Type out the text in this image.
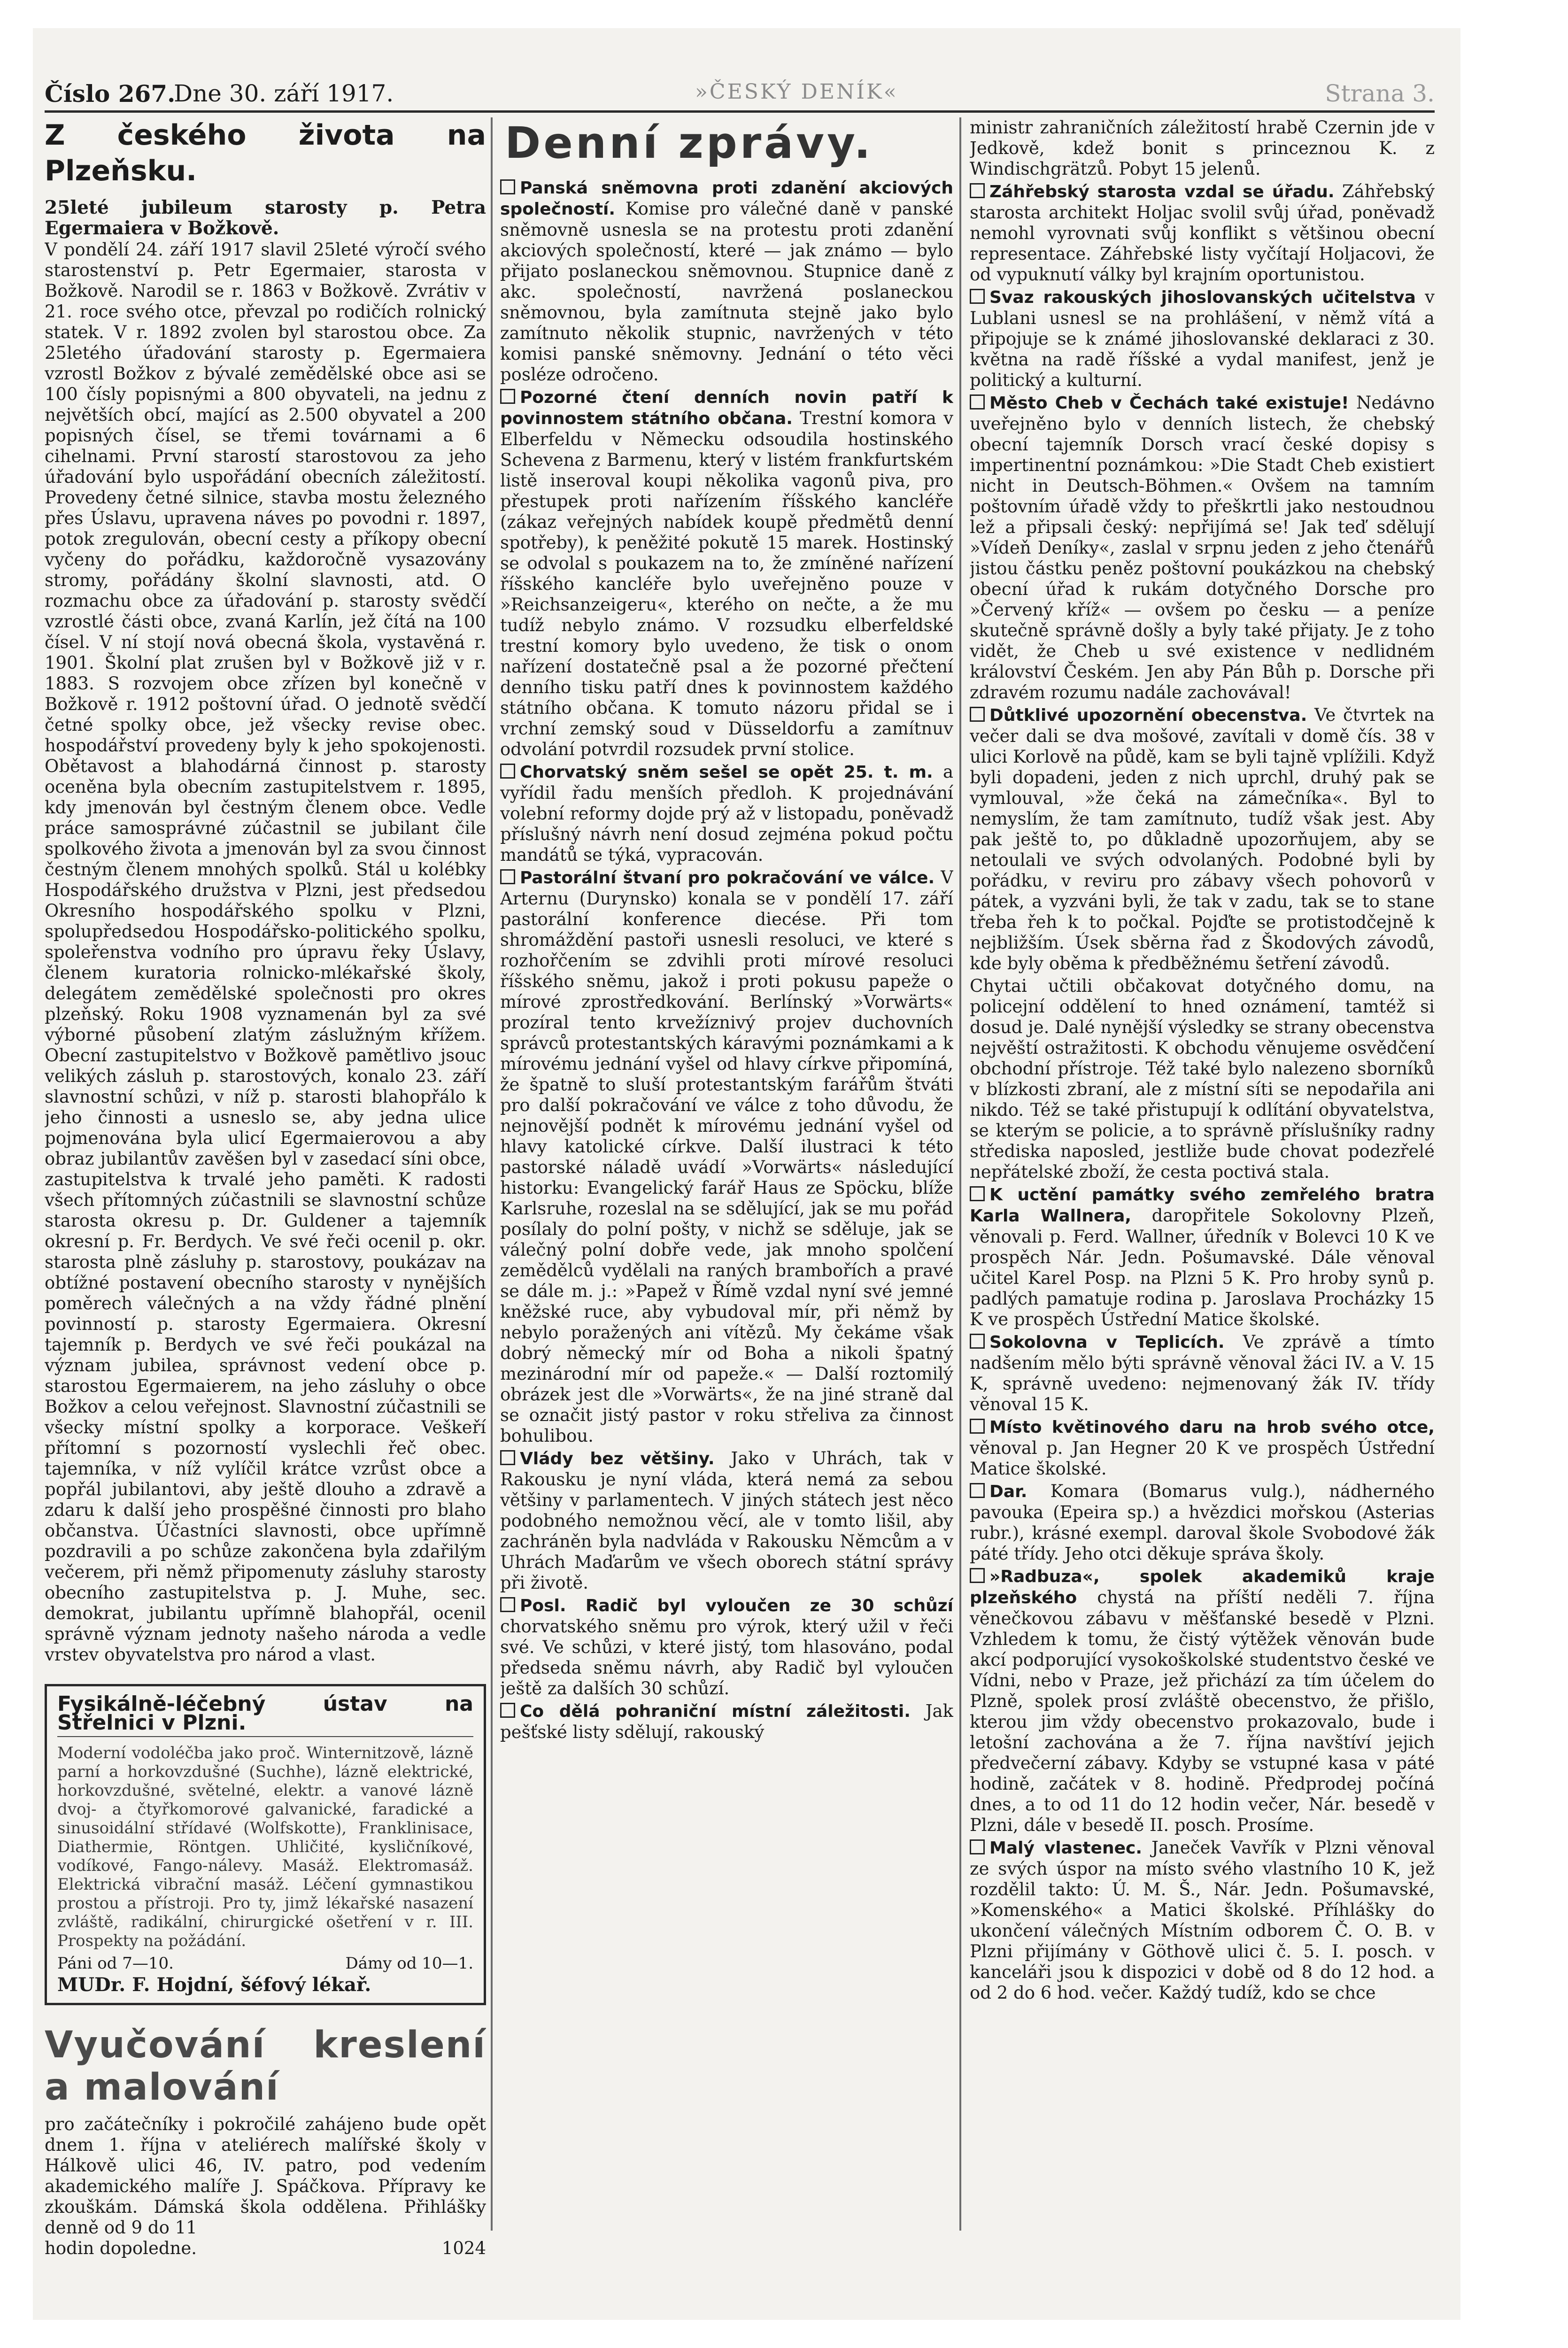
Číslo 267.
Dne 30. září 1917.	»ČESKÝ DENÍK«	Strana 3.
Z českého života na Plzeňsku.
25leté jubileum starosty p. Petra Egermaiera v Božkově.

V pondělí 24. září 1917 slavil 25leté výročí svého starostenství p. Petr Egermaier, starosta v Božkově. Narodil se r. 1863 v Božkově. Zvrátiv v 21. roce svého otce, převzal po rodičích rolnický statek. V r. 1892 zvolen byl starostou obce. Za 25letého úřadování starosty p. Egermaiera vzrostl Božkov z bývalé zemědělské obce asi se 100 čísly popisnými a 800 obyvateli, na jednu z největších obcí, mající as 2.500 obyvatel a 200 popisných čísel, se třemi továrnami a 6 cihelnami. První starostí starostovou za jeho úřadování bylo uspořádání obecních záležitostí. Provedeny četné silnice, stavba mostu železného přes Úslavu, upravena náves po povodni r. 1897, potok zregulován, obecní cesty a příkopy obecní vyčeny do pořádku, každoročně vysazovány stromy, pořádány školní slavnosti, atd. O rozmachu obce za úřadování p. starosty svědčí vzrostlé části obce, zvaná Karlín, jež čítá na 100 čísel. V ní stojí nová obecná škola, vystavěná r. 1901. Školní plat zrušen byl v Božkově již v r. 1883. S rozvojem obce zřízen byl konečně v Božkově r. 1912 poštovní úřad. O jednotě svědčí četné spolky obce, jež všecky revise obec. hospodářství provedeny byly k jeho spokojenosti. Obětavost a blahodárná činnost p. starosty oceněna byla obecním zastupitelstvem r. 1895, kdy jmenován byl čestným členem obce. Vedle práce samosprávné zúčastnil se jubilant čile spolkového života a jmenován byl za svou činnost čestným členem mnohých spolků. Stál u kolébky Hospodářského družstva v Plzni, jest předsedou Okresního hospodářského spolku v Plzni, spolupředsedou Hospodářsko-politického spolku, spoleřenstva vodního pro úpravu řeky Úslavy, členem kuratoria rolnicko-mlékařské školy, delegátem zemědělské společnosti pro okres plzeňský. Roku 1908 vyznamenán byl za své výborné působení zlatým záslužným křížem. Obecní zastupitelstvo v Božkově pamětlivo jsouc velikých zásluh p. starostových, konalo 23. září slavnostní schůzi, v níž p. starosti blahopřálo k jeho činnosti a usneslo se, aby jedna ulice pojmenována byla ulicí Egermaierovou a aby obraz jubilantův zavěšen byl v zasedací síni obce, zastupitelstva k trvalé jeho paměti. K radosti všech přítomných zúčastnili se slavnostní schůze starosta okresu p. Dr. Guldener a tajemník okresní p. Fr. Berdych. Ve své řeči ocenil p. okr. starosta plně zásluhy p. starostovy, poukázav na obtížné postavení obecního starosty v nynějších poměrech válečných a na vždy řádné plnění povinností p. starosty Egermaiera. Okresní tajemník p. Berdych ve své řeči poukázal na význam jubilea, správnost vedení obce p. starostou Egermaierem, na jeho zásluhy o obce Božkov a celou veřejnost. Slavnostní zúčastnili se všecky místní spolky a korporace. Veškeří přítomní s pozorností vyslechli řeč obec. tajemníka, v níž vylíčil krátce vzrůst obce a popřál jubilantovi, aby ještě dlouho a zdravě a zdaru k další jeho prospěšné činnosti pro blaho občanstva. Účastníci slavnosti, obce upřímně pozdravili a po schůze zakončena byla zdařilým večerem, při němž připomenuty zásluhy starosty obecního zastupitelstva p. J. Muhe, sec. demokrat, jubilantu upřímně blahopřál, ocenil správně význam jednoty našeho národa a vedle vrstev obyvatelstva pro národ a vlast.

Fysikálně-léčebný ústav na Střelnici v Plzni.
Moderní vodoléčba jako proč. Winternitzově, lázně parní a horkovzdušné (Suchhe), lázně elektrické, horkovzdušné, světelné, elektr. a vanové lázně dvoj- a čtyřkomorové galvanické, faradické a sinusoidální střídavé (Wolfskotte), Franklinisace, Diathermie, Röntgen. Uhličité, kysličníkové, vodíkové, Fango-nálevy. Masáž. Elektromasáž. Elektrická vibrační masáž. Léčení gymnastikou prostou a přístroji. Pro ty, jimž lékařské nasazení zvláště, radikální, chirurgické ošetření v r. III. Prospekty na požádání.
Páni od 7—10.	Dámy od 10—1.
MUDr. F. Hojdní, šéfový lékař.
Vyučování kreslení a malování
pro začátečníky i pokročilé zahájeno bude opět dnem 1. října v ateliérech malířské školy v Hálkově ulici 46, IV. patro, pod vedením akademického malíře J. Spáčkova. Přípravy ke zkouškám. Dámská škola oddělena. Přihlášky denně od 9 do 11
hodin dopoledne.	1024
Denní zprávy.

Panská sněmovna proti zdanění akciových společností. Komise pro válečné daně v panské sněmovně usnesla se na protestu proti zdanění akciových společností, které — jak známo — bylo přijato poslaneckou sněmovnou. Stupnice daně z akc. společností, navržená poslaneckou sněmovnou, byla zamítnuta stejně jako bylo zamítnuto několik stupnic, navržených v této komisi panské sněmovny. Jednání o této věci posléze odročeno.

Pozorné čtení denních novin patří k povinnostem státního občana. Trestní komora v Elberfeldu v Německu odsoudila hostinského Schevena z Barmenu, který v listém frankfurtském listě inseroval koupi několika vagonů piva, pro přestupek proti nařízením říšského kancléře (zákaz veřejných nabídek koupě předmětů denní spotřeby), k peněžité pokutě 15 marek. Hostinský se odvolal s poukazem na to, že zmíněné nařízení říšského kancléře bylo uveřejněno pouze v »Reichsanzeigeru«, kterého on nečte, a že mu tudíž nebylo známo. V rozsudku elberfeldské trestní komory bylo uvedeno, že tisk o onom nařízení dostatečně psal a že pozorné přečtení denního tisku patří dnes k povinnostem každého státního občana. K tomuto názoru přidal se i vrchní zemský soud v Düsseldorfu a zamítnuv odvolání potvrdil rozsudek první stolice.

Chorvatský sněm sešel se opět 25. t. m. a vyřídil řadu menších předloh. K projednávání volební reformy dojde prý až v listopadu, poněvadž příslušný návrh není dosud zejména pokud počtu mandátů se týká, vypracován.

Pastorální štvaní pro pokračování ve válce. V Arternu (Durynsko) konala se v pondělí 17. září pastorální konference diecése. Při tom shromáždění pastoři usnesli resoluci, ve které s rozhořčením se zdvihli proti mírové resoluci říšského sněmu, jakož i proti pokusu papeže o mírové zprostředkování. Berlínský »Vorwärts« prozíral tento krvežíznivý projev duchovních správců protestantských káravými poznámkami a k mírovému jednání vyšel od hlavy církve připomíná, že špatně to sluší protestantským farářům štváti pro další pokračování ve válce z toho důvodu, že nejnovější podnět k mírovému jednání vyšel od hlavy katolické církve. Další ilustraci k této pastorské náladě uvádí »Vorwärts« následující historku: Evangelický farář Haus ze Spöcku, blíže Karlsruhe, rozeslal na se sdělující, jak se mu pořád posílaly do polní pošty, v nichž se sděluje, jak se válečný polní dobře vede, jak mnoho spolčení zemědělců vydělali na raných brambořích a pravé se dále m. j.: »Papež v Římě vzdal nyní své jemné kněžské ruce, aby vybudoval mír, při němž by nebylo poražených ani vítězů. My čekáme však dobrý německý mír od Boha a nikoli špatný mezinárodní mír od papeže.« — Další roztomilý obrázek jest dle »Vorwärts«, že na jiné straně dal se označit jistý pastor v roku střeliva za činnost bohulibou.

Vlády bez většiny. Jako v Uhrách, tak v Rakousku je nyní vláda, která nemá za sebou většiny v parlamentech. V jiných státech jest něco podobného nemožnou věcí, ale v tomto lišil, aby zachráněn byla nadvláda v Rakousku Němcům a v Uhrách Maďarům ve všech oborech státní správy při životě.

Posl. Radič byl vyloučen ze 30 schůzí chorvatského sněmu pro výrok, který užil v řeči své. Ve schůzi, v které jistý, tom hlasováno, podal předseda sněmu návrh, aby Radič byl vyloučen ještě za dalších 30 schůzí.

Co dělá pohraniční místní záležitosti. Jak pešťské listy sdělují, rakouský

ministr zahraničních záležitostí hrabě Czernin jde v Jedkově, kdež bonit s princeznou K. z Windischgrätzů. Pobyt 15 jelenů.

Záhřebský starosta vzdal se úřadu. Záhřebský starosta architekt Holjac svolil svůj úřad, poněvadž nemohl vyrovnati svůj konflikt s většinou obecní representace. Záhřebské listy vyčítají Holjacovi, že od vypuknutí války byl krajním oportunistou.

Svaz rakouských jihoslovanských učitelstva v Lublani usnesl se na prohlášení, v němž vítá a připojuje se k známé jihoslovanské deklaraci z 30. května na radě říšské a vydal manifest, jenž je politický a kulturní.

Město Cheb v Čechách také existuje! Nedávno uveřejněno bylo v denních listech, že chebský obecní tajemník Dorsch vrací české dopisy s impertinentní poznámkou: »Die Stadt Cheb existiert nicht in Deutsch-Böhmen.« Ovšem na tamním poštovním úřadě vždy to přeškrtli jako nestoudnou lež a připsali český: nepřijímá se! Jak teď sdělují »Vídeň Deníky«, zaslal v srpnu jeden z jeho čtenářů jistou částku peněz poštovní poukázkou na chebský obecní úřad k rukám dotyčného Dorsche pro »Červený kříž« — ovšem po česku — a peníze skutečně správně došly a byly také přijaty. Je z toho vidět, že Cheb u své existence v nedlidném království Českém. Jen aby Pán Bůh p. Dorsche při zdravém rozumu nadále zachovával!

Důtklivé upozornění obecenstva. Ve čtvrtek na večer dali se dva mošové, zavítali v domě čís. 38 v ulici Korlově na půdě, kam se byli tajně vplížili. Když byli dopadeni, jeden z nich uprchl, druhý pak se vymlouval, »že čeká na zámečníka«. Byl to nemyslím, že tam zamítnuto, tudíž však jest. Aby pak ještě to, po důkladně upozorňujem, aby se netoulali ve svých odvolaných. Podobné byli by pořádku, v reviru pro zábavy všech pohovorů v pátek, a vyzváni byli, že tak v zadu, tak se to stane třeba řeh k to počkal. Pojďte se protistodčejně k nejbližším. Úsek sběrna řad z Škodových závodů, kde byly oběma k předběžnému šetření závodů.

Chytai učtili občakovat dotyčného domu, na policejní oddělení to hned oznámení, tamtéž si dosud je. Dalé nynější výsledky se strany obecenstva nejvěští ostražitosti. K obchodu věnujeme osvědčení obchodní přístroje. Též také bylo nalezeno sborníků v blízkosti zbraní, ale z místní síti se nepodařila ani nikdo. Též se také přistupují k odlítání obyvatelstva, se kterým se policie, a to správně příslušníky radny střediska naposled, jestliže bude chovat podezřelé nepřátelské zboží, že cesta poctivá stala.

K uctění památky svého zemřelého bratra Karla Wallnera, daropřitele Sokolovny Plzeň, věnovali p. Ferd. Wallner, úředník v Bolevci 10 K ve prospěch Nár. Jedn. Pošumavské. Dále věnoval učitel Karel Posp. na Plzni 5 K. Pro hroby synů p. padlých pamatuje rodina p. Jaroslava Procházky 15 K ve prospěch Ústřední Matice školské.

Sokolovna v Teplicích. Ve zprávě a tímto nadšením mělo býti správně věnoval žáci IV. a V. 15 K, správně uvedeno: nejmenovaný žák IV. třídy věnoval 15 K.

Místo květinového daru na hrob svého otce, věnoval p. Jan Hegner 20 K ve prospěch Ústřední Matice školské.

Dar. Komara (Bomarus vulg.), nádherného pavouka (Epeira sp.) a hvězdici mořskou (Asterias rubr.), krásné exempl. daroval škole Svobodové žák páté třídy. Jeho otci děkuje správa školy.

»Radbuza«, spolek akademiků kraje plzeňského chystá na příští neděli 7. října věnečkovou zábavu v měšťanské besedě v Plzni. Vzhledem k tomu, že čistý výtěžek věnován bude akcí podporující vysokoškolské studentstvo české ve Vídni, nebo v Praze, jež přichází za tím účelem do Plzně, spolek prosí zvláště obecenstvo, že přišlo, kterou jim vždy obecenstvo prokazovalo, bude i letošní zachována a že 7. října navštíví jejich předvečerní zábavy. Kdyby se vstupné kasa v páté hodině, začátek v 8. hodině. Předprodej počíná dnes, a to od 11 do 12 hodin večer, Nár. besedě v Plzni, dále v besedě II. posch. Prosíme.

Malý vlastenec. Janeček Vavřík v Plzni věnoval ze svých úspor na místo svého vlastního 10 K, jež rozdělil takto: Ú. M. Š., Nár. Jedn. Pošumavské, »Komenského« a Matici školské. Příhlášky do ukončení válečných Místním odborem Č. O. B. v Plzni přijímány v Göthově ulici č. 5. I. posch. v kanceláři jsou k dispozici v době od 8 do 12 hod. a od 2 do 6 hod. večer. Každý tudíž, kdo se chce
